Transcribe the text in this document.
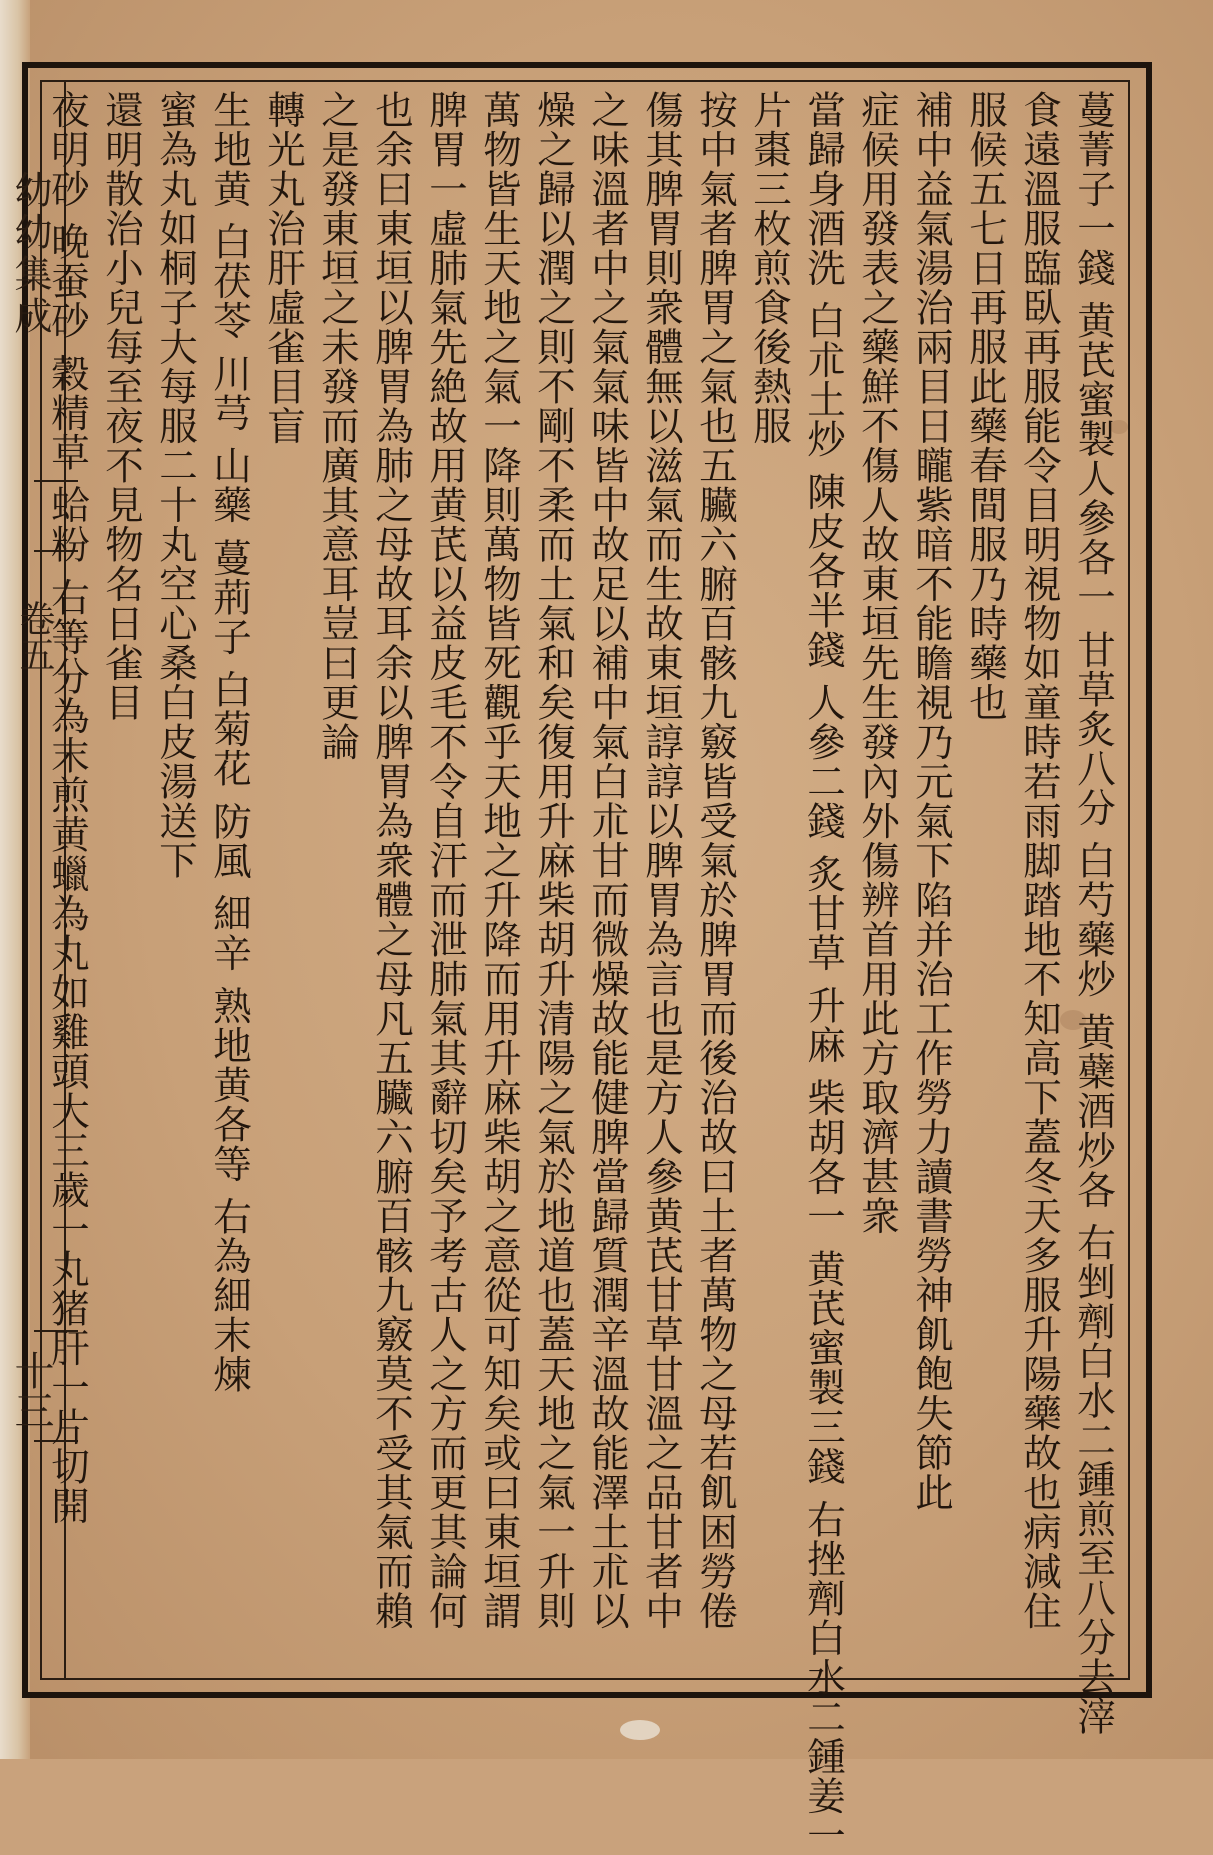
幼幼集成
卷五
十三	蔓菁子一錢 黄芪蜜製人參各一 甘草炙八分 白芍藥炒 黄蘗酒炒各 右剉劑白水二鍾煎至八分去滓
食遠溫服臨臥再服能令目明視物如童時若雨脚踏地不知高下蓋冬天多服升陽藥故也病減住
服候五七日再服此藥春間服乃時藥也
補中益氣湯治兩目日矓紫暗不能瞻視乃元氣下陷并治工作勞力讀書勞神飢飽失節此
症候用發表之藥鮮不傷人故東垣先生發內外傷辨首用此方取濟甚衆
當歸身酒洗 白朮土炒 陳皮各半錢 人參二錢 炙甘草 升麻 柴胡各一 黄芪蜜製三錢 右挫劑白水二鍾姜一
片棗三枚煎食後熱服
按中氣者脾胃之氣也五臟六腑百骸九竅皆受氣於脾胃而後治故曰土者萬物之母若飢困勞倦
傷其脾胃則衆體無以滋氣而生故東垣諄諄以脾胃為言也是方人參黄芪甘草甘溫之品甘者中
之味溫者中之氣氣味皆中故足以補中氣白朮甘而微燥故能健脾當歸質潤辛溫故能澤土朮以
燥之歸以潤之則不剛不柔而土氣和矣復用升麻柴胡升清陽之氣於地道也蓋天地之氣一升則
萬物皆生天地之氣一降則萬物皆死觀乎天地之升降而用升麻柴胡之意從可知矣或曰東垣謂
脾胃一虛肺氣先絶故用黄芪以益皮毛不令自汗而泄肺氣其辭切矣予考古人之方而更其論何
也余曰東垣以脾胃為肺之母故耳余以脾胃為衆體之母凡五臟六腑百骸九竅莫不受其氣而賴
之是發東垣之未發而廣其意耳豈曰更論
轉光丸治肝虛雀目盲
生地黄 白茯苓 川芎 山藥 蔓荊子 白菊花 防風 細辛 熟地黄各等 右為細末煉
蜜為丸如桐子大每服二十丸空心桑白皮湯送下
還明散治小兒每至夜不見物名日雀目
夜明砂 晚蚕砂 穀精草 蛤粉 右等分為末煎黄蠟為丸如雞頭大三歲一丸猪肝一片切開
